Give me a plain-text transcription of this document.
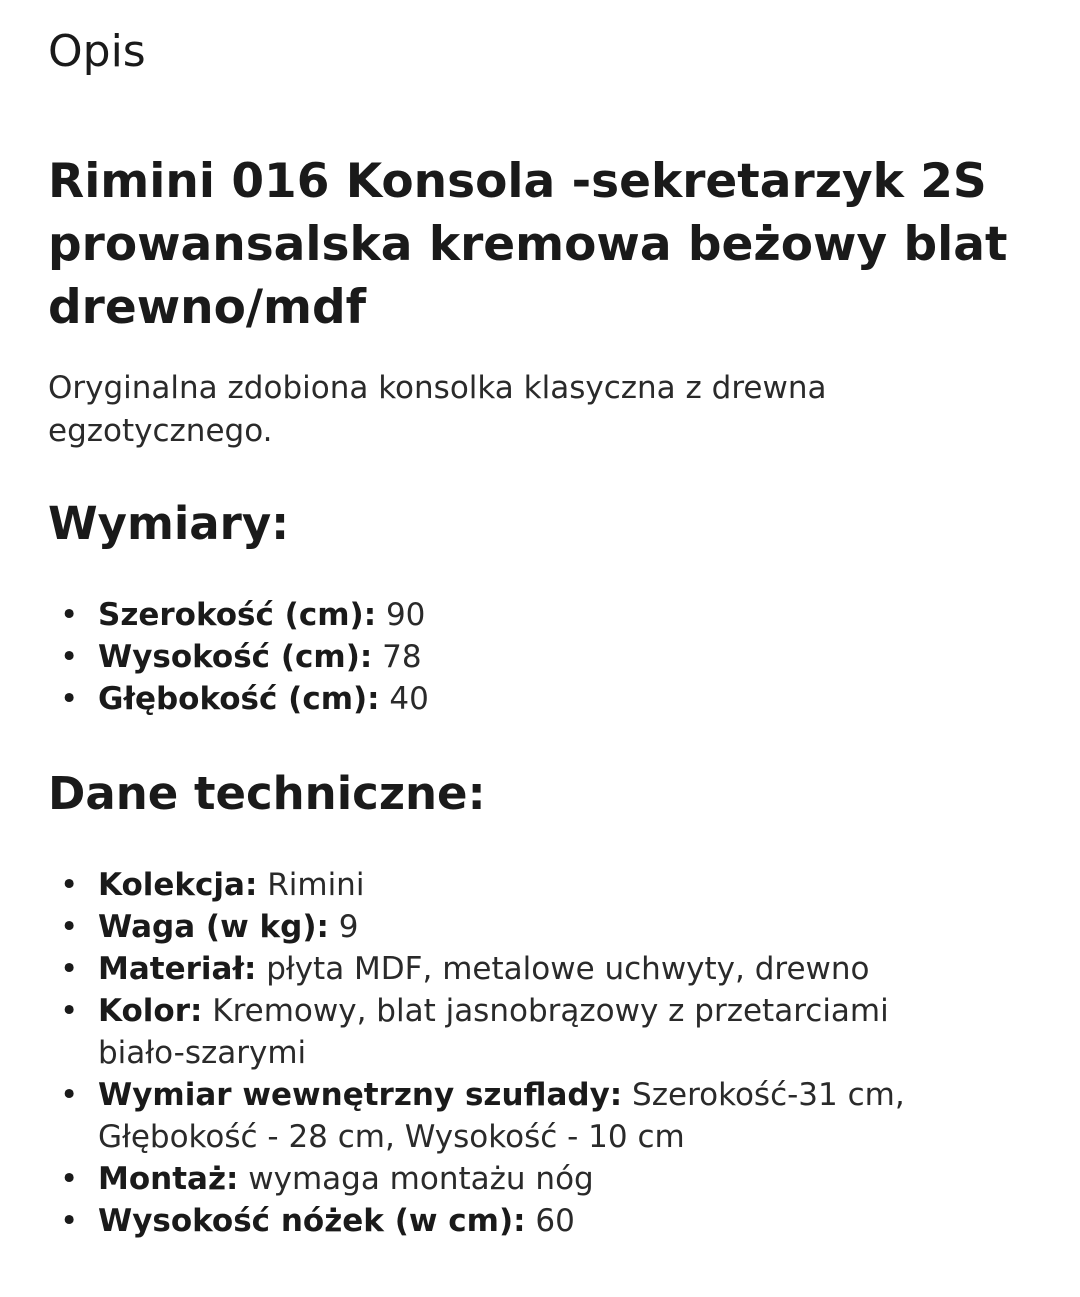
Opis
Rimini 016 Konsola -sekretarzyk 2S prowansalska kremowa beżowy blat drewno/mdf

Oryginalna zdobiona konsolka klasyczna z drewna egzotycznego.

Wymiary:
• Szerokość (cm): 90
• Wysokość (cm): 78
• Głębokość (cm): 40
Dane techniczne:
• Kolekcja: Rimini
• Waga (w kg): 9
• Materiał: płyta MDF, metalowe uchwyty, drewno
• Kolor: Kremowy, blat jasnobrązowy z przetarciami biało-szarymi
• Wymiar wewnętrzny szuflady: Szerokość-31 cm, Głębokość - 28 cm, Wysokość - 10 cm
• Montaż: wymaga montażu nóg
• Wysokość nóżek (w cm): 60
